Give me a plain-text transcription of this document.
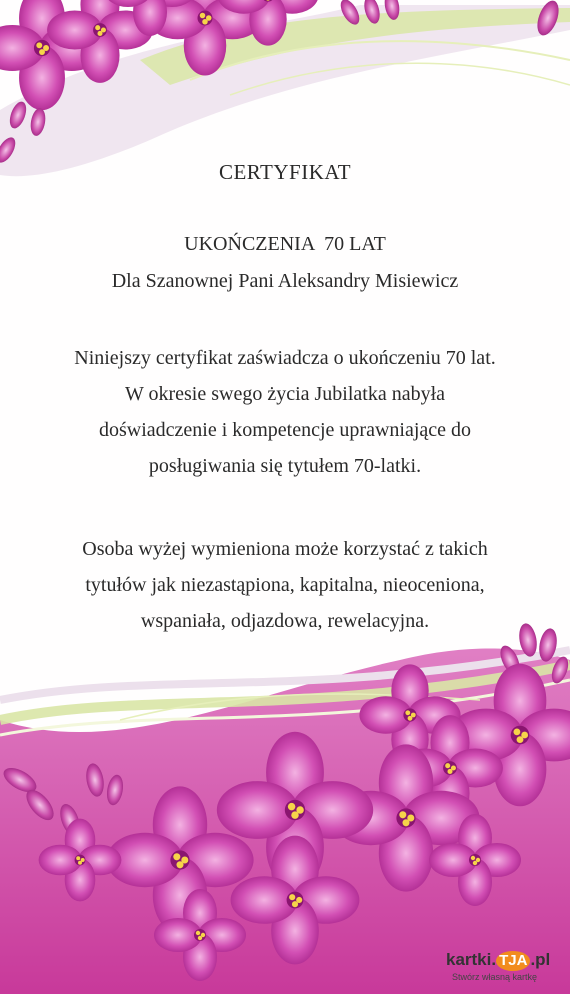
CERTYFIKAT
UKOŃCZENIA  70 LAT
Dla Szanownej Pani Aleksandry Misiewicz
Niniejszy certyfikat zaświadcza o ukończeniu 70 lat.
W okresie swego życia Jubilatka nabyła
doświadczenie i kompetencje uprawniające do
posługiwania się tytułem 70-latki.
Osoba wyżej wymieniona może korzystać z takich
tytułów jak niezastąpiona, kapitalna, nieoceniona,
wspaniała, odjazdowa, rewelacyjna.
kartki. TJA .pl
Stwórz własną kartkę
